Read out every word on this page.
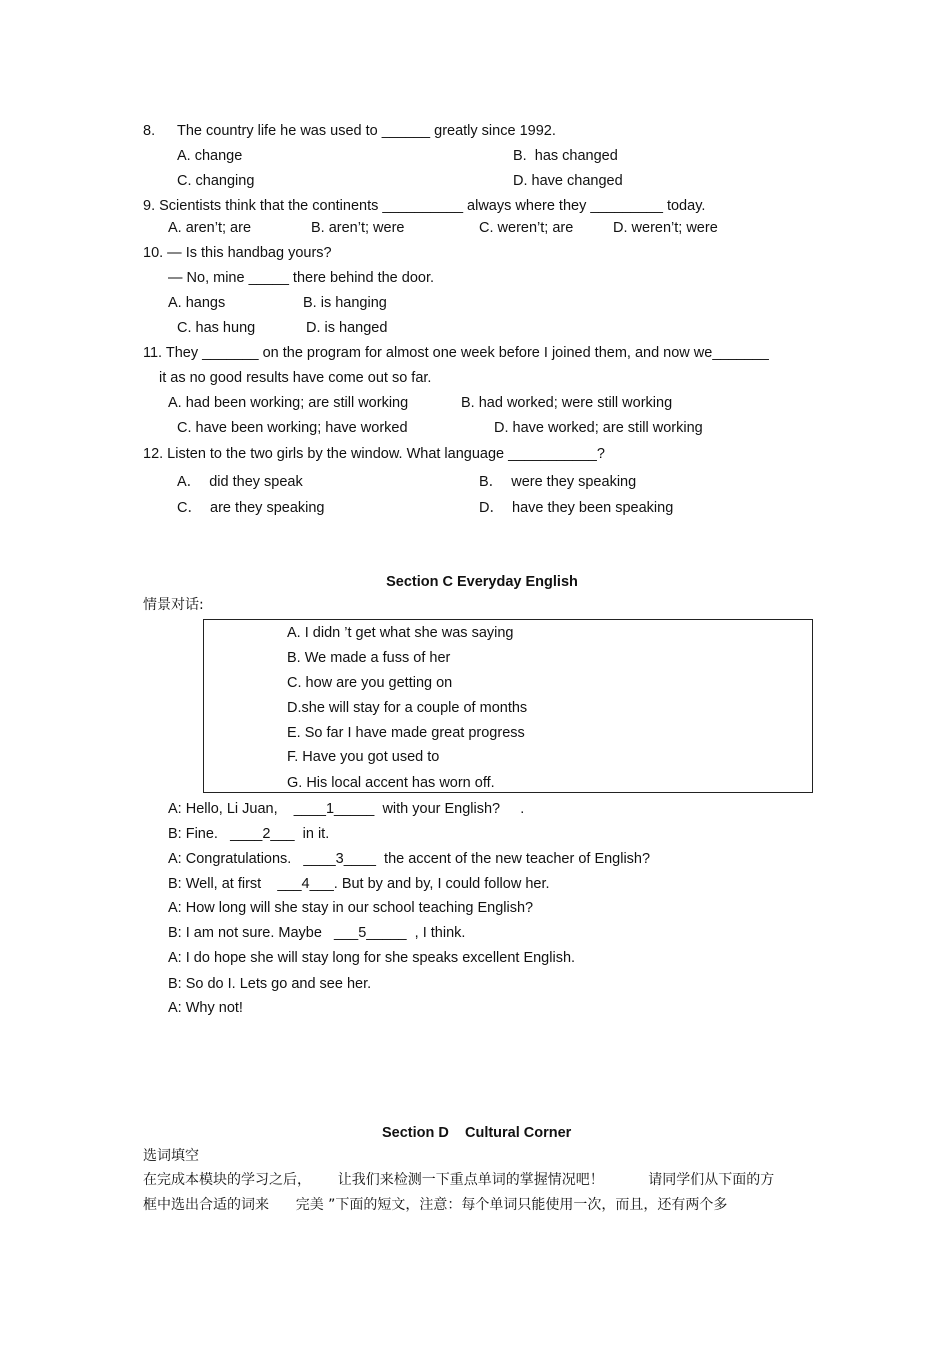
8. The country life he was used to ______ greatly since 1992.
A. change	B.  has changed
C. changing	D. have changed
9. Scientists think that the continents __________ always where they _________ today.
A. aren’t; are	B. aren’t; were	C. weren’t; are	D. weren’t; were
10. — Is this handbag yours?
— No, mine _____ there behind the door.
A. hangs	B. is hanging
C. has hung	D. is hanged
11. They _______ on the program for almost one week before I joined them, and now we_______
it as no good results have come out so far.
A. had been working; are still working	B. had worked; were still working
C. have been working; have worked	D. have worked; are still working
12. Listen to the two girls by the window. What language ___________?
A．  did they speak	B．  were they speaking
C．  are they speaking	D．  have they been speaking
Section C Everyday English
情景对话:
A. I didn ’t get what she was saying
B. We made a fuss of her
C. how are you getting on
D.she will stay for a couple of months
E. So far I have made great progress
F. Have you got used to
G. His local accent has worn off.
A: Hello, Li Juan,    ____1_____  with your English?     .
B: Fine.   ____2___  in it.
A: Congratulations.   ____3____  the accent of the new teacher of English?
B: Well, at first    ___4___. But by and by, I could follow her.
A: How long will she stay in our school teaching English?
B: I am not sure. Maybe   ___5_____  , I think.
A: I do hope she will stay long for she speaks excellent English.
B: So do I. Lets go and see her.
A: Why not!
Section D    Cultural Corner
选词填空
在完成本模块的学习之后，      让我们来检测一下重点单词的掌握情况吧！          请同学们从下面的方
框中选出合适的词来      完美 ”下面的短文，注意：每个单词只能使用一次，而且，还有两个多
